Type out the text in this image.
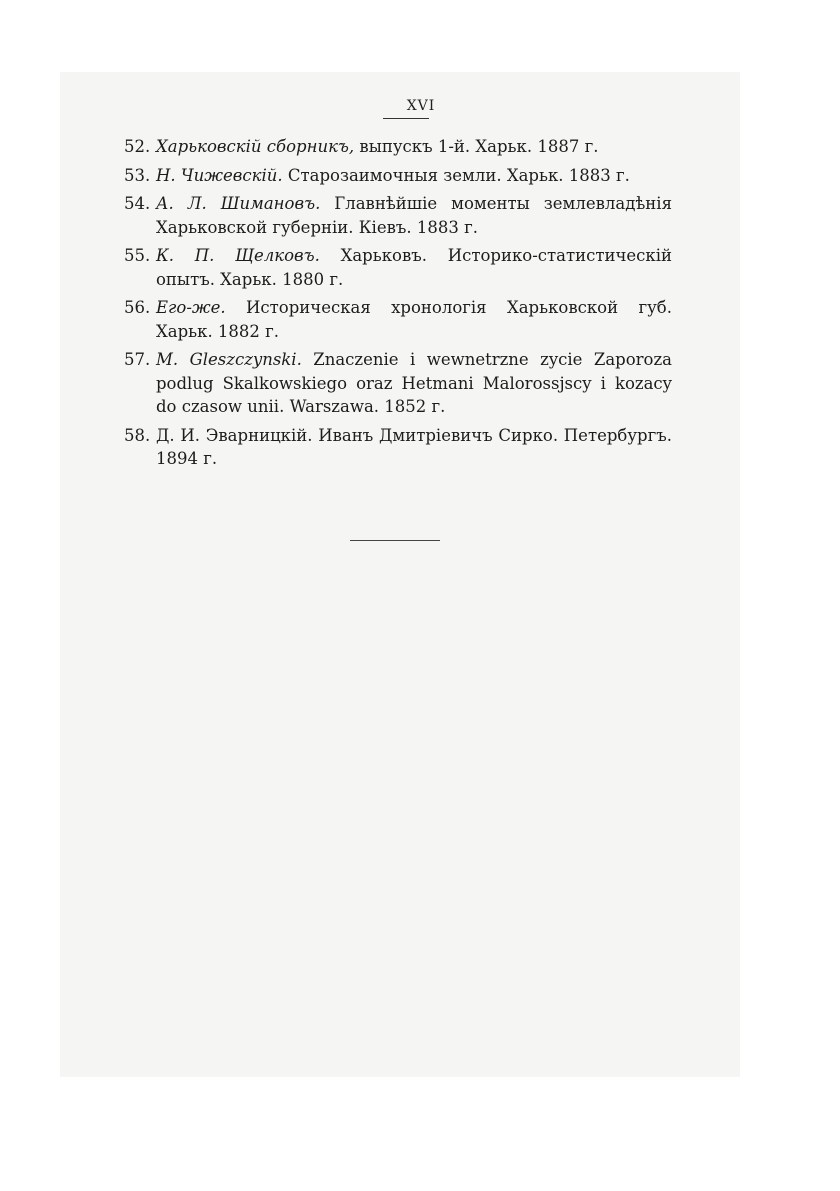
XVI
52. Харьковскій сборникъ, выпускъ 1-й. Харьк. 1887 г.
53. Н. Чижевскій. Старозаимочныя земли. Харьк. 1883 г.
54. А. Л. Шимановъ. Главнѣйшіе моменты землевладѣнія Харьковской губерніи. Кіевъ. 1883 г.
55. К. П. Щелковъ. Харьковъ. Историко-статистическій опытъ. Харьк. 1880 г.
56. Его-же. Историческая хронологія Харьковской губ. Харьк. 1882 г.
57. M. Gleszczynski. Znaczenie i wewnetrzne zycie Zaporoza podlug Skalkowskiego oraz Hetmani Malorossjscy i kozacy do czasow unii. Warszawa. 1852 г.
58. Д. И. Эварницкій. Иванъ Дмитріевичъ Сирко. Петербургъ. 1894 г.
